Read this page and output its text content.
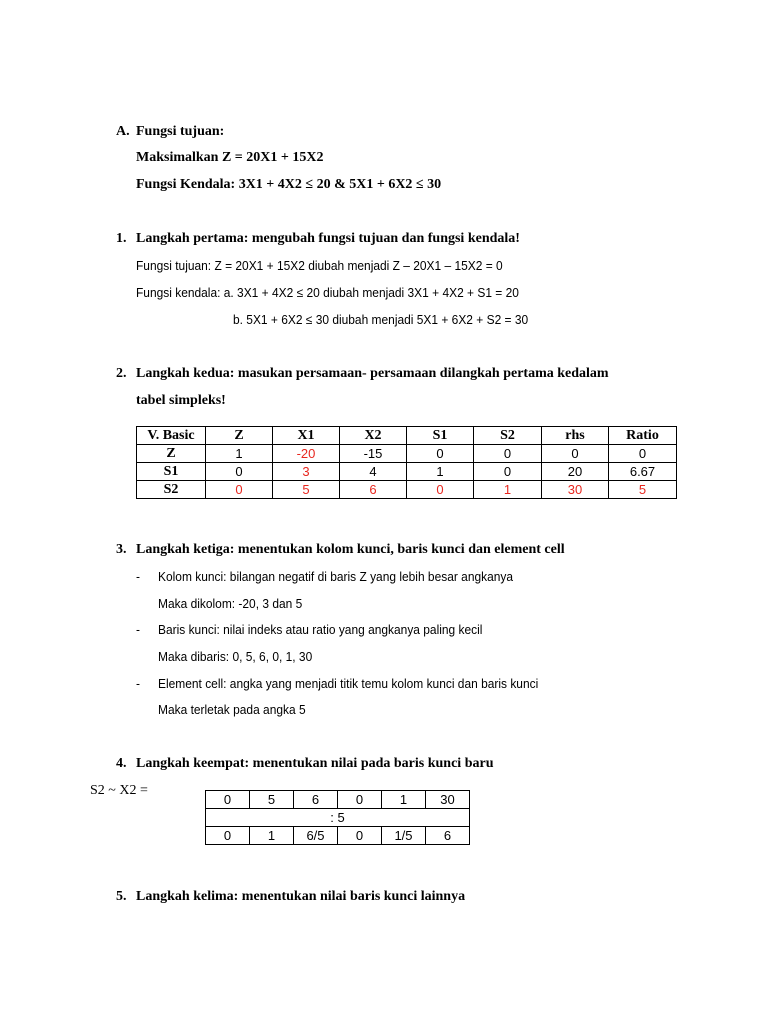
A. Fungsi tujuan:
Maksimalkan Z = 20X1 + 15X2
Fungsi Kendala: 3X1 + 4X2 ≤ 20 & 5X1 + 6X2 ≤ 30
1. Langkah pertama: mengubah fungsi tujuan dan fungsi kendala!
Fungsi tujuan: Z = 20X1 + 15X2 diubah menjadi Z – 20X1 – 15X2 = 0
Fungsi kendala: a. 3X1 + 4X2 ≤ 20 diubah menjadi 3X1 + 4X2 + S1 = 20
b. 5X1 + 6X2 ≤ 30 diubah menjadi 5X1 + 6X2 + S2 = 30
2. Langkah kedua: masukan persamaan- persamaan dilangkah pertama kedalam
tabel simpleks!
V. Basic	Z	X1	X2	S1	S2	rhs	Ratio
Z	1	-20	-15	0	0	0	0
S1	0	3	4	1	0	20	6.67
S2	0	5	6	0	1	30	5
3. Langkah ketiga: menentukan kolom kunci, baris kunci dan element cell
- Kolom kunci: bilangan negatif di baris Z yang lebih besar angkanya
Maka dikolom: -20, 3 dan 5
- Baris kunci: nilai indeks atau ratio yang angkanya paling kecil
Maka dibaris: 0, 5, 6, 0, 1, 30
- Element cell: angka yang menjadi titik temu kolom kunci dan baris kunci
Maka terletak pada angka 5
4. Langkah keempat: menentukan nilai pada baris kunci baru
S2 ~ X2 =
0	5	6	0	1	30
: 5					
0	1	6/5	0	1/5	6
5. Langkah kelima: menentukan nilai baris kunci lainnya
